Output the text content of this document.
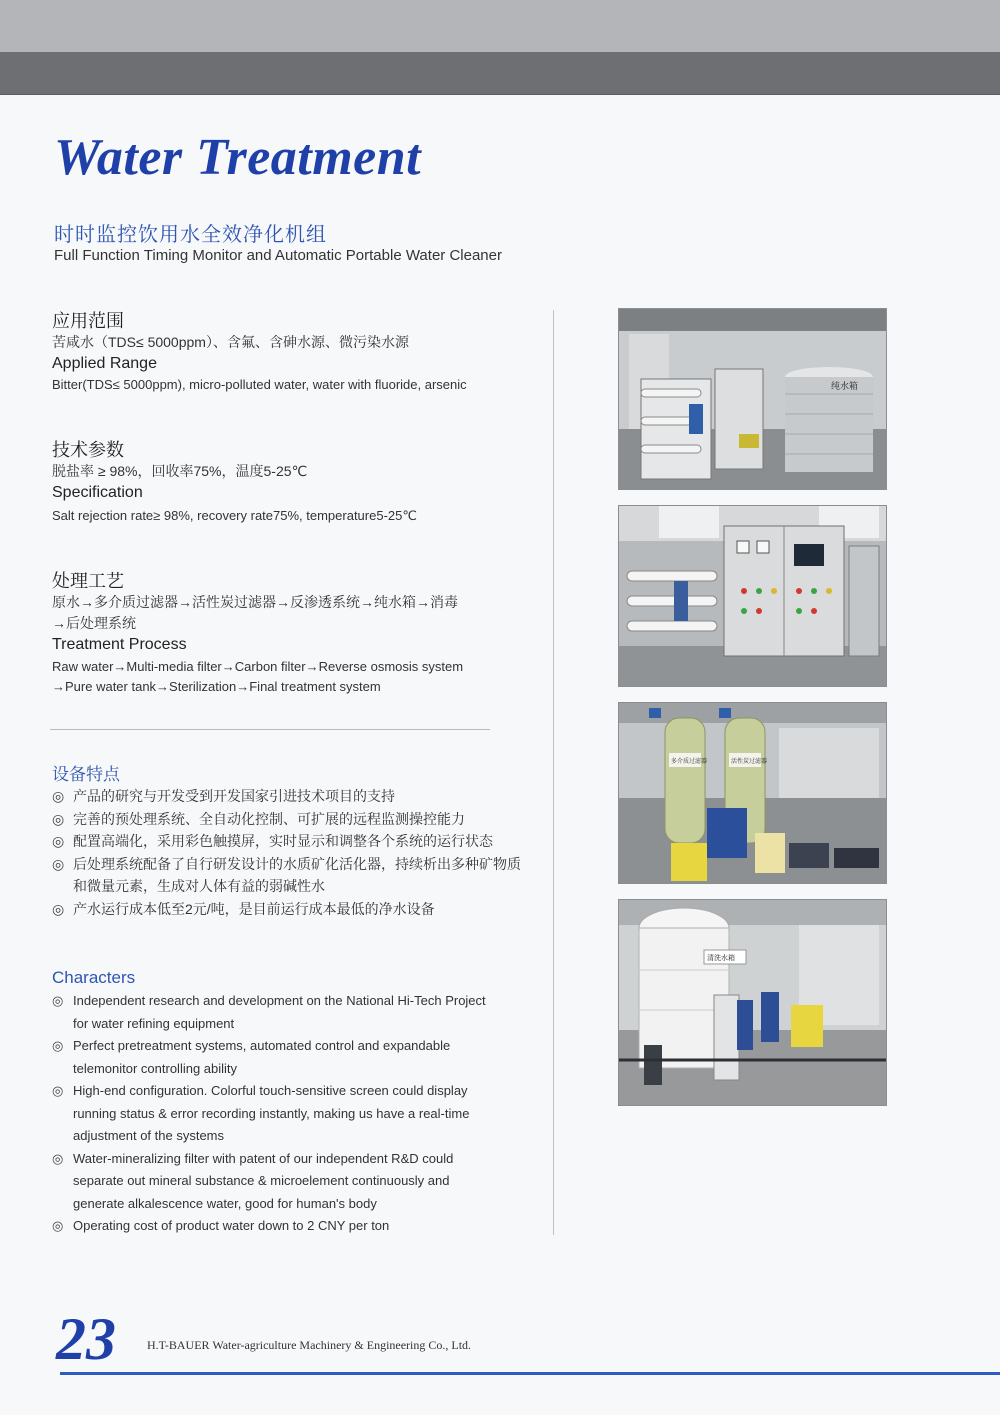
Water Treatment
时时监控饮用水全效净化机组
Full Function Timing Monitor and Automatic Portable Water Cleaner
应用范围
苦咸水（TDS≤ 5000ppm）、含氟、含砷水源、微污染水源
Applied Range
Bitter(TDS≤ 5000ppm), micro-polluted water, water with fluoride, arsenic
技术参数
脱盐率 ≥ 98%，回收率75%，温度5-25℃
Specification
Salt rejection rate≥ 98%, recovery rate75%, temperature5-25℃
处理工艺
原水→多介质过滤器→活性炭过滤器→反渗透系统→纯水箱→消毒
→后处理系统
Treatment Process
Raw water→Multi-media filter→Carbon filter→Reverse osmosis system
→Pure water tank→Sterilization→Final treatment system
设备特点
◎ 产品的研究与开发受到开发国家引进技术项目的支持
◎ 完善的预处理系统、全自动化控制、可扩展的远程监测操控能力
◎ 配置高端化，采用彩色触摸屏，实时显示和调整各个系统的运行状态
◎ 后处理系统配备了自行研发设计的水质矿化活化器，持续析出多种矿物质和微量元素，生成对人体有益的弱碱性水
◎ 产水运行成本低至2元/吨，是目前运行成本最低的净水设备
Characters
◎ Independent research and development on the National Hi-Tech Project for water refining equipment
◎ Perfect pretreatment systems, automated control and expandable telemonitor controlling ability
◎ High-end configuration. Colorful touch-sensitive screen could display running status & error recording instantly, making us have a real-time adjustment of the systems
◎ Water-mineralizing filter with patent of our independent R&D could separate out mineral substance & microelement continuously and generate alkalescence water, good for human's body
◎ Operating cost of product water down to 2 CNY per ton
纯水箱
多介质过滤器	活性炭过滤器
清洗水箱
23	H.T-BAUER Water-agriculture Machinery & Engineering Co., Ltd.
